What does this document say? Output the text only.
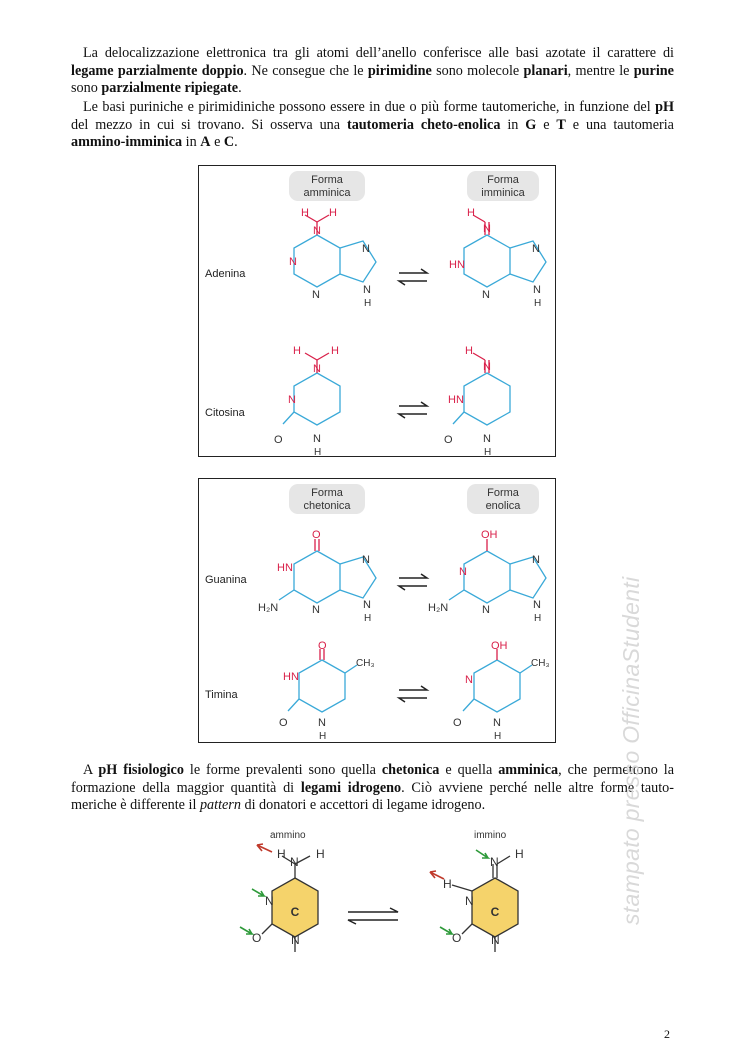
La delocalizzazione elettronica tra gli atomi dell’anello conferisce alle basi azotate il carattere di legame parzialmente doppio. Ne consegue che le pirimidine sono molecole planari, mentre le purine sono parzialmente ripiegate.

Le basi puriniche e pirimidiniche possono essere in due o più forme tautomeriche, in funzione del pH del mezzo in cui si trovano. Si osserva una tautomeria cheto-enolica in G e T e una tautomeria ammino-imminica in A e C.

Forma
amminica
Forma
imminica
Adenina
Citosina
H H
N
N
N
N
N
H
H
N
HN
N
N
N
H
H	H
N
N
O	N
H
H
N
HN
O	N
H
Forma
chetonica
Forma
enolica
Guanina
Timina
O
HN
H₂N	N
N
N
H
OH
N
H₂N	N
N
N
H
O
HN
CH₃
O	N
H
OH
N
CH₃
O	N
H

A pH fisiologico le forme prevalenti sono quella chetonica e quella amminica, che permettono la formazione della maggior quantità di legami idrogeno. Ciò avviene perché nelle altre forme tauto-meriche è differente il pattern di donatori e accettori di legame idrogeno.

ammino	immino
H	H
N
N
O N
C
H
N
H
N
O N
C	stampato presso OfficinaStudenti
2
